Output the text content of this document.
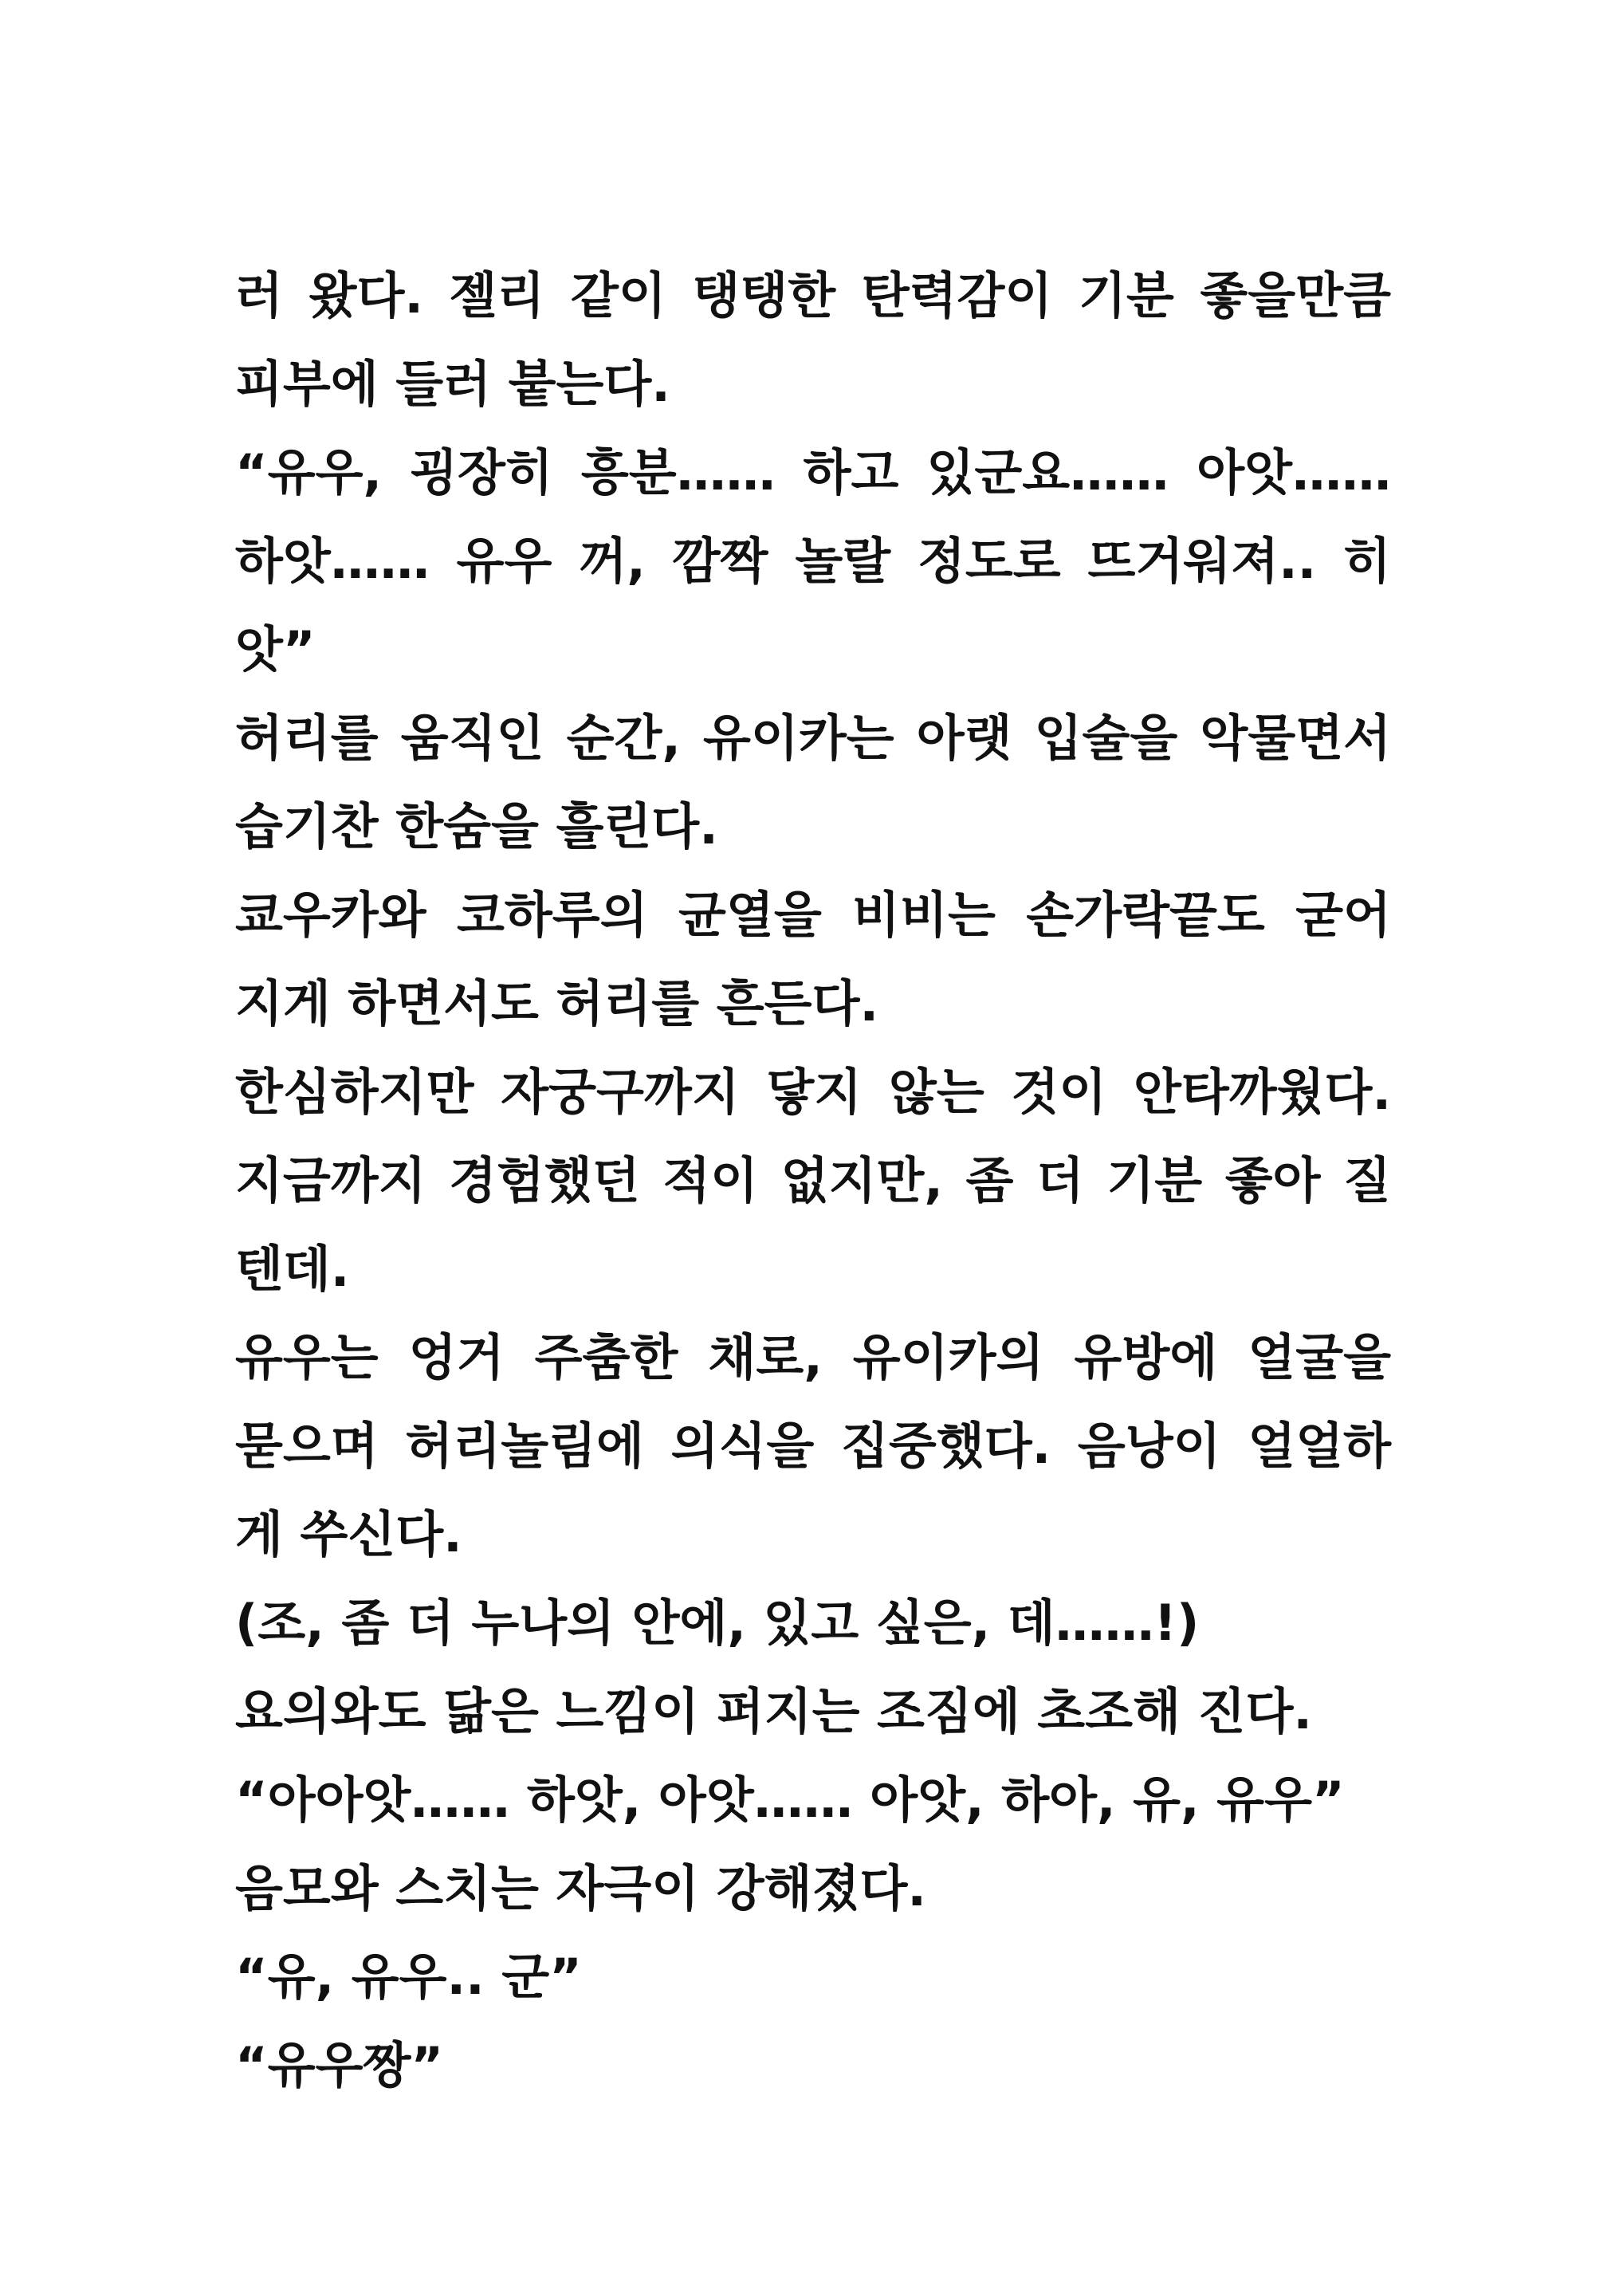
러 왔다. 젤리 같이 탱탱한 탄력감이 기분 좋을만큼
피부에 들러 붙는다.
“유우, 굉장히 흥분…… 하고 있군요…… 아앗……
하앗…… 유우 꺼, 깜짝 놀랄 정도로 뜨거워져.. 히
앗”
허리를 움직인 순간, 유이카는 아랫 입술을 악물면서
습기찬 한숨을 흘린다.
쿄우카와 코하루의 균열을 비비는 손가락끝도 굳어
지게 하면서도 허리를 흔든다.
한심하지만 자궁구까지 닿지 않는 것이 안타까웠다.
지금까지 경험했던 적이 없지만, 좀 더 기분 좋아 질
텐데.
유우는 엉거 주춤한 채로, 유이카의 유방에 얼굴을
묻으며 허리놀림에 의식을 집중했다. 음낭이 얼얼하
게 쑤신다.
(조, 좀 더 누나의 안에, 있고 싶은, 데……!)
요의와도 닮은 느낌이 퍼지는 조짐에 초조해 진다.
“아아앗…… 하앗, 아앗…… 아앗, 하아, 유, 유우”
음모와 스치는 자극이 강해졌다.
“유, 유우.. 군”
“유우짱”
